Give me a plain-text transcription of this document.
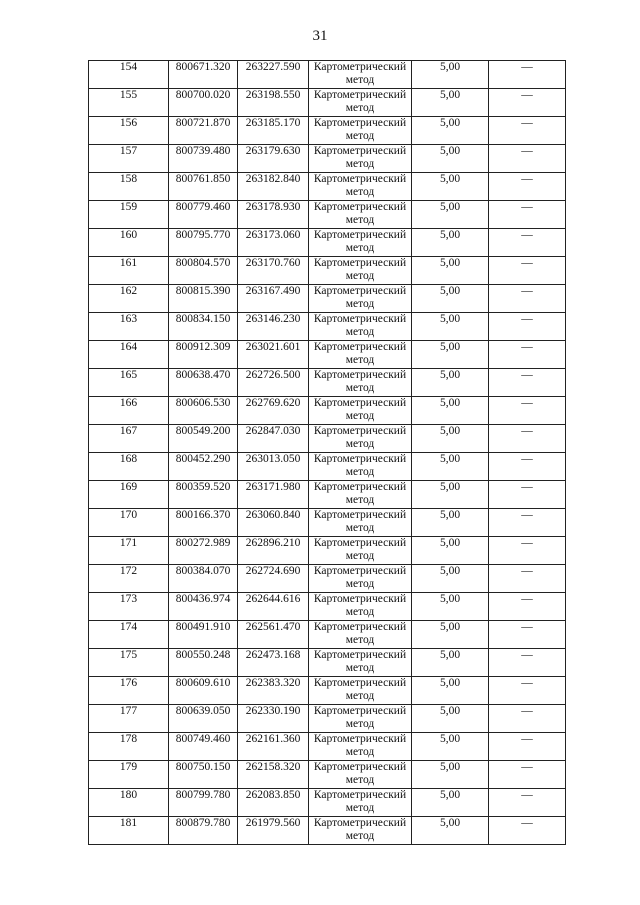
31
154	800671.320	263227.590	Картометрический метод	5,00	—
155	800700.020	263198.550	Картометрический метод	5,00	—
156	800721.870	263185.170	Картометрический метод	5,00	—
157	800739.480	263179.630	Картометрический метод	5,00	—
158	800761.850	263182.840	Картометрический метод	5,00	—
159	800779.460	263178.930	Картометрический метод	5,00	—
160	800795.770	263173.060	Картометрический метод	5,00	—
161	800804.570	263170.760	Картометрический метод	5,00	—
162	800815.390	263167.490	Картометрический метод	5,00	—
163	800834.150	263146.230	Картометрический метод	5,00	—
164	800912.309	263021.601	Картометрический метод	5,00	—
165	800638.470	262726.500	Картометрический метод	5,00	—
166	800606.530	262769.620	Картометрический метод	5,00	—
167	800549.200	262847.030	Картометрический метод	5,00	—
168	800452.290	263013.050	Картометрический метод	5,00	—
169	800359.520	263171.980	Картометрический метод	5,00	—
170	800166.370	263060.840	Картометрический метод	5,00	—
171	800272.989	262896.210	Картометрический метод	5,00	—
172	800384.070	262724.690	Картометрический метод	5,00	—
173	800436.974	262644.616	Картометрический метод	5,00	—
174	800491.910	262561.470	Картометрический метод	5,00	—
175	800550.248	262473.168	Картометрический метод	5,00	—
176	800609.610	262383.320	Картометрический метод	5,00	—
177	800639.050	262330.190	Картометрический метод	5,00	—
178	800749.460	262161.360	Картометрический метод	5,00	—
179	800750.150	262158.320	Картометрический метод	5,00	—
180	800799.780	262083.850	Картометрический метод	5,00	—
181	800879.780	261979.560	Картометрический метод	5,00	—
